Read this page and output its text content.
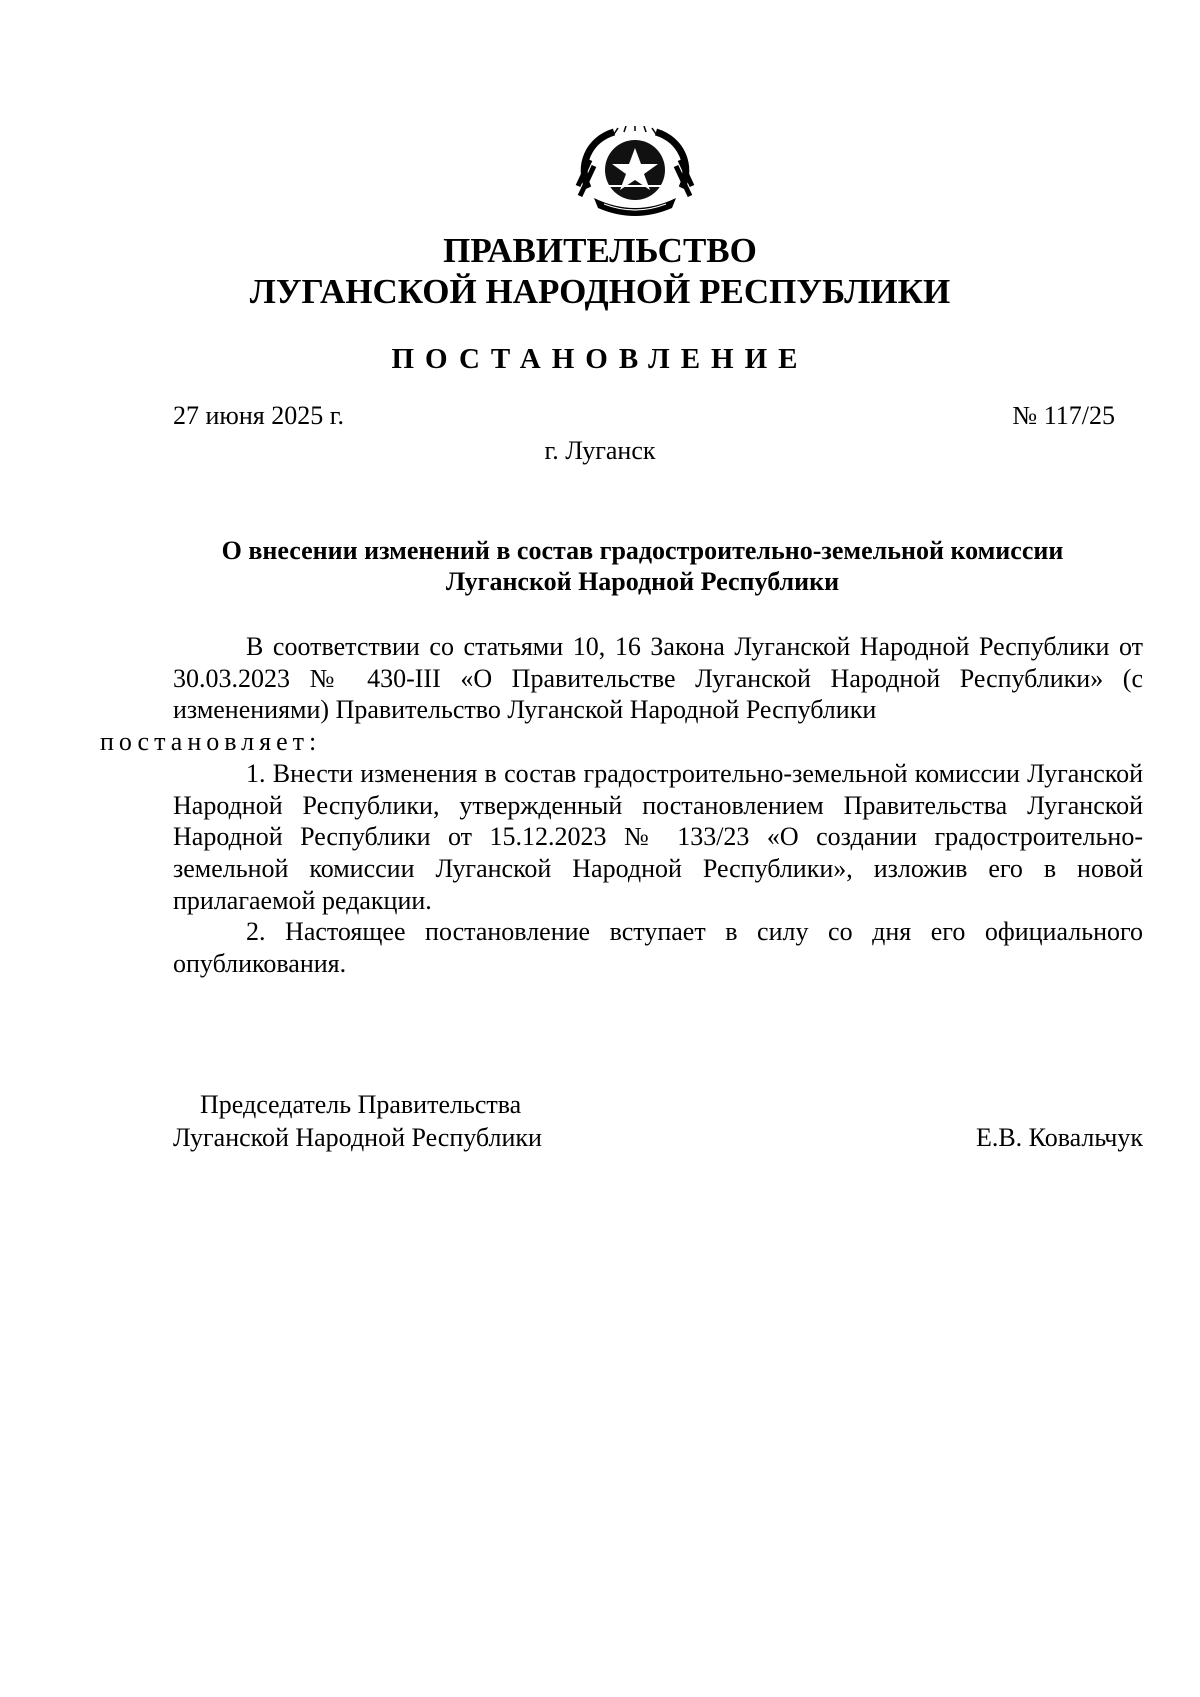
ПРАВИТЕЛЬСТВО
ЛУГАНСКОЙ НАРОДНОЙ РЕСПУБЛИКИ
ПОСТАНОВЛЕНИЕ
27 июня 2025 г.	№ 117/25
г. Луганск
О внесении изменений в состав градостроительно-земельной комиссии
Луганской Народной Республики

В соответствии со статьями 10, 16 Закона Луганской Народной Республики от 30.03.2023 № 430-III «О Правительстве Луганской Народной Республики» (с изменениями) Правительство Луганской Народной Республики
постановляет:

1. Внести изменения в состав градостроительно-земельной комиссии Луганской Народной Республики, утвержденный постановлением Правительства Луганской Народной Республики от 15.12.2023 № 133/23 «О создании градостроительно-земельной комиссии Луганской Народной Республики», изложив его в новой прилагаемой редакции.

2. Настоящее постановление вступает в силу со дня его официального опубликования.

Председатель Правительства
Луганской Народной Республики	Е.В. Ковальчук
